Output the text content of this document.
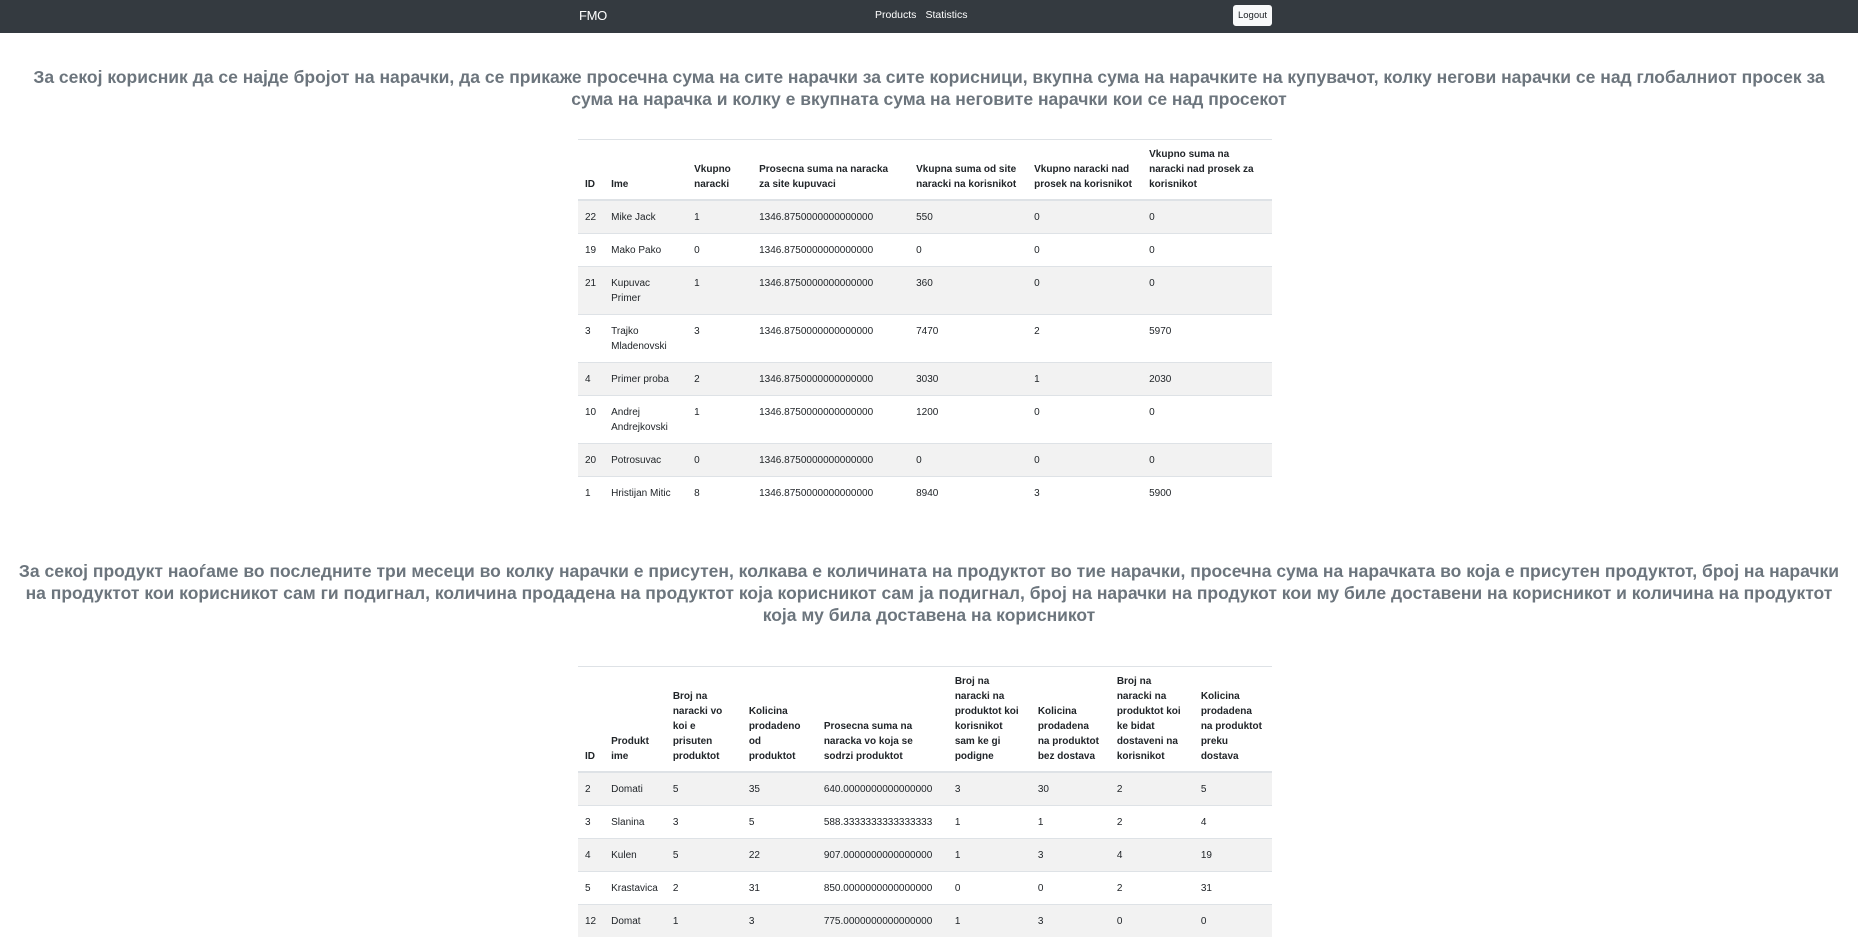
FMO	Products Statistics	Logout
За секој корисник да се најде бројот на нарачки, да се прикаже просечна сума на сите нарачки за сите корисници, вкупна сума на нарачките на купувачот, колку негови нарачки се над глобалниот просек за сума на нарачка и колку е вкупната сума на неговите нарачки кои се над просекот
ID	Ime	Vkupno naracki	Prosecna suma na naracka za site kupuvaci	Vkupna suma od site naracki na korisnikot	Vkupno naracki nad prosek na korisnikot	Vkupno suma na naracki nad prosek za korisnikot
22	Mike Jack	1	1346.8750000000000000	550	0	0
19	Mako Pako	0	1346.8750000000000000	0	0	0
21	Kupuvac Primer	1	1346.8750000000000000	360	0	0
3	Trajko Mladenovski	3	1346.8750000000000000	7470	2	5970
4	Primer proba	2	1346.8750000000000000	3030	1	2030
10	Andrej Andrejkovski	1	1346.8750000000000000	1200	0	0
20	Potrosuvac	0	1346.8750000000000000	0	0	0
1	Hristijan Mitic	8	1346.8750000000000000	8940	3	5900
За секој продукт наоѓаме во последните три месеци во колку нарачки е присутен, колкава е количината на продуктот во тие нарачки, просечна сума на нарачката во која е присутен продуктот, број на нарачки на продуктот кои корисникот сам ги подигнал, количина продадена на продуктот која корисникот сам ја подигнал, број на нарачки на продукот кои му биле доставени на корисникот и количина на продуктот која му била доставена на корисникот
ID	Produkt ime	Broj na naracki vo koi e prisuten produktot	Kolicina prodadeno od produktot	Prosecna suma na naracka vo koja se sodrzi produktot	Broj na naracki na produktot koi korisnikot sam ke gi podigne	Kolicina prodadena na produktot bez dostava	Broj na naracki na produktot koi ke bidat dostaveni na korisnikot	Kolicina prodadena na produktot preku dostava
2	Domati	5	35	640.0000000000000000	3	30	2	5
3	Slanina	3	5	588.3333333333333333	1	1	2	4
4	Kulen	5	22	907.0000000000000000	1	3	4	19
5	Krastavica	2	31	850.0000000000000000	0	0	2	31
12	Domat	1	3	775.0000000000000000	1	3	0	0
